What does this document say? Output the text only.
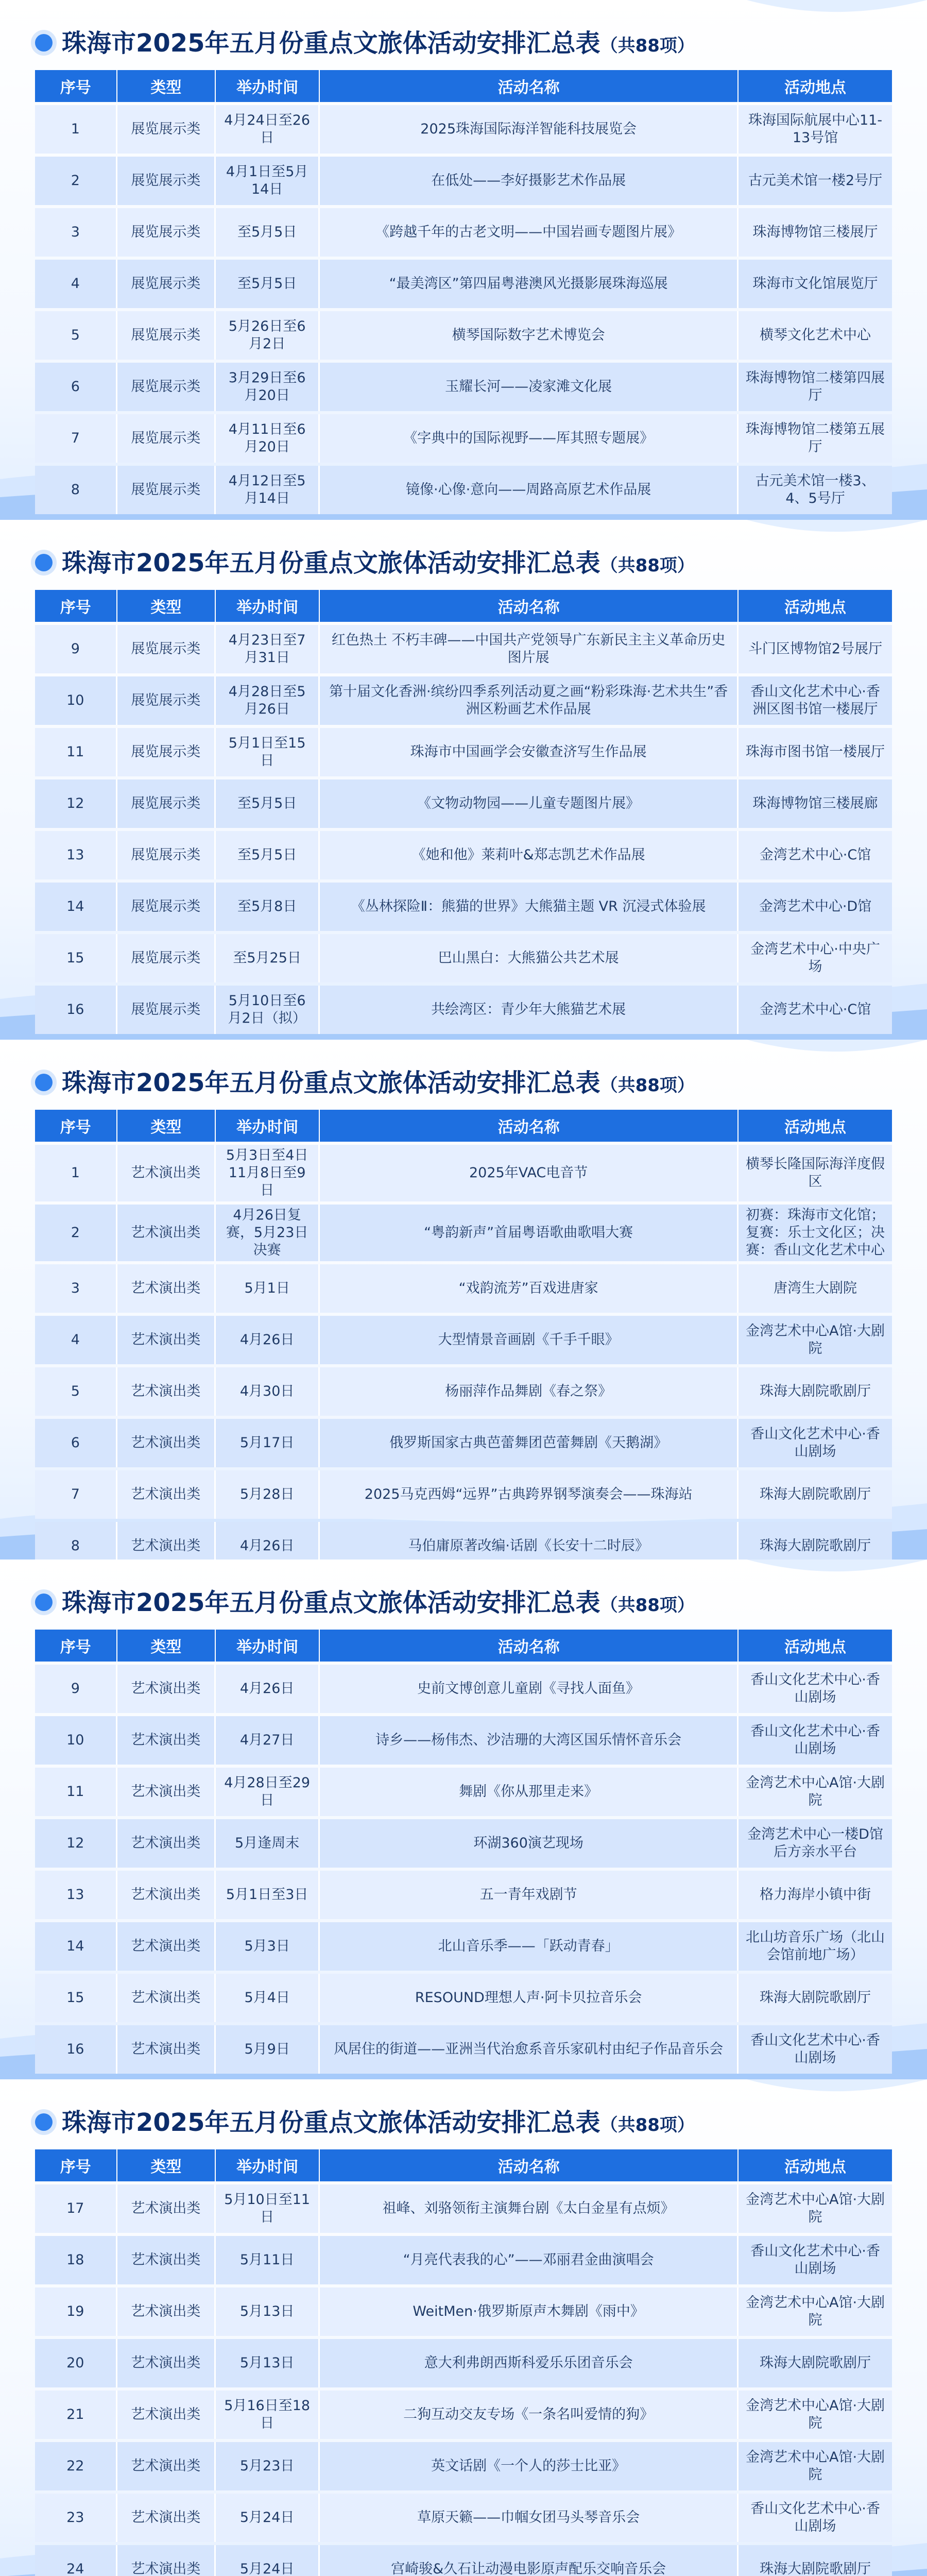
珠海市2025年五月份重点文旅体活动安排汇总表（共88项）
序号	类型	举办时间	活动名称	活动地点
1	展览展示类	4月24日至26日	2025珠海国际海洋智能科技展览会	珠海国际航展中心11-13号馆
2	展览展示类	4月1日至5月14日	在低处——李好摄影艺术作品展	古元美术馆一楼2号厅
3	展览展示类	至5月5日	《跨越千年的古老文明——中国岩画专题图片展》	珠海博物馆三楼展厅
4	展览展示类	至5月5日	“最美湾区”第四届粤港澳风光摄影展珠海巡展	珠海市文化馆展览厅
5	展览展示类	5月26日至6月2日	横琴国际数字艺术博览会	横琴文化艺术中心
6	展览展示类	3月29日至6月20日	玉耀长河——凌家滩文化展	珠海博物馆二楼第四展厅
7	展览展示类	4月11日至6月20日	《字典中的国际视野——厍其照专题展》	珠海博物馆二楼第五展厅
8	展览展示类	4月12日至5月14日	镜像·心像·意向——周路高原艺术作品展	古元美术馆一楼3、4、5号厅
珠海市2025年五月份重点文旅体活动安排汇总表（共88项）
序号	类型	举办时间	活动名称	活动地点
9	展览展示类	4月23日至7月31日	红色热土 不朽丰碑——中国共产党领导广东新民主主义革命历史图片展	斗门区博物馆2号展厅
10	展览展示类	4月28日至5月26日	第十届文化香洲·缤纷四季系列活动夏之画“粉彩珠海·艺术共生”香洲区粉画艺术作品展	香山文化艺术中心·香洲区图书馆一楼展厅
11	展览展示类	5月1日至15日	珠海市中国画学会安徽查济写生作品展	珠海市图书馆一楼展厅
12	展览展示类	至5月5日	《文物动物园——儿童专题图片展》	珠海博物馆三楼展廊
13	展览展示类	至5月5日	《她和他》莱莉叶&郑志凯艺术作品展	金湾艺术中心·C馆
14	展览展示类	至5月8日	《丛林探险Ⅱ：熊猫的世界》大熊猫主题 VR 沉浸式体验展	金湾艺术中心·D馆
15	展览展示类	至5月25日	巴山黑白：大熊猫公共艺术展	金湾艺术中心·中央广场
16	展览展示类	5月10日至6月2日（拟）	共绘湾区：青少年大熊猫艺术展	金湾艺术中心·C馆
珠海市2025年五月份重点文旅体活动安排汇总表（共88项）
序号	类型	举办时间	活动名称	活动地点
1	艺术演出类	5月3日至4日 11月8日至9日	2025年VAC电音节	横琴长隆国际海洋度假区
2	艺术演出类	4月26日复赛，5月23日决赛	“粤韵新声”首届粤语歌曲歌唱大赛	初赛：珠海市文化馆；复赛：乐士文化区；决赛：香山文化艺术中心
3	艺术演出类	5月1日	“戏韵流芳”百戏进唐家	唐湾生大剧院
4	艺术演出类	4月26日	大型情景音画剧《千手千眼》	金湾艺术中心A馆·大剧院
5	艺术演出类	4月30日	杨丽萍作品舞剧《春之祭》	珠海大剧院歌剧厅
6	艺术演出类	5月17日	俄罗斯国家古典芭蕾舞团芭蕾舞剧《天鹅湖》	香山文化艺术中心·香山剧场
7	艺术演出类	5月28日	2025马克西姆“远界”古典跨界钢琴演奏会——珠海站	珠海大剧院歌剧厅
8	艺术演出类	4月26日	马伯庸原著改编·话剧《长安十二时辰》	珠海大剧院歌剧厅
珠海市2025年五月份重点文旅体活动安排汇总表（共88项）
序号	类型	举办时间	活动名称	活动地点
9	艺术演出类	4月26日	史前文博创意儿童剧《寻找人面鱼》	香山文化艺术中心·香山剧场
10	艺术演出类	4月27日	诗乡——杨伟杰、沙洁珊的大湾区国乐情怀音乐会	香山文化艺术中心·香山剧场
11	艺术演出类	4月28日至29日	舞剧《你从那里走来》	金湾艺术中心A馆·大剧院
12	艺术演出类	5月逢周末	环湖360演艺现场	金湾艺术中心一楼D馆后方亲水平台
13	艺术演出类	5月1日至3日	五一青年戏剧节	格力海岸小镇中街
14	艺术演出类	5月3日	北山音乐季——「跃动青春」	北山坊音乐广场（北山会馆前地广场）
15	艺术演出类	5月4日	RESOUND理想人声·阿卡贝拉音乐会	珠海大剧院歌剧厅
16	艺术演出类	5月9日	风居住的街道——亚洲当代治愈系音乐家矶村由纪子作品音乐会	香山文化艺术中心·香山剧场
珠海市2025年五月份重点文旅体活动安排汇总表（共88项）
序号	类型	举办时间	活动名称	活动地点
17	艺术演出类	5月10日至11日	祖峰、刘骆领衔主演舞台剧《太白金星有点烦》	金湾艺术中心A馆·大剧院
18	艺术演出类	5月11日	“月亮代表我的心”——邓丽君金曲演唱会	香山文化艺术中心·香山剧场
19	艺术演出类	5月13日	WeitMen·俄罗斯原声木舞剧《雨中》	金湾艺术中心A馆·大剧院
20	艺术演出类	5月13日	意大利弗朗西斯科爱乐乐团音乐会	珠海大剧院歌剧厅
21	艺术演出类	5月16日至18日	二狗互动交友专场《一条名叫爱情的狗》	金湾艺术中心A馆·大剧院
22	艺术演出类	5月23日	英文话剧《一个人的莎士比亚》	金湾艺术中心A馆·大剧院
23	艺术演出类	5月24日	草原天籁——巾帼女团马头琴音乐会	香山文化艺术中心·香山剧场
24	艺术演出类	5月24日	宫崎骏&久石让动漫电影原声配乐交响音乐会	珠海大剧院歌剧厅
